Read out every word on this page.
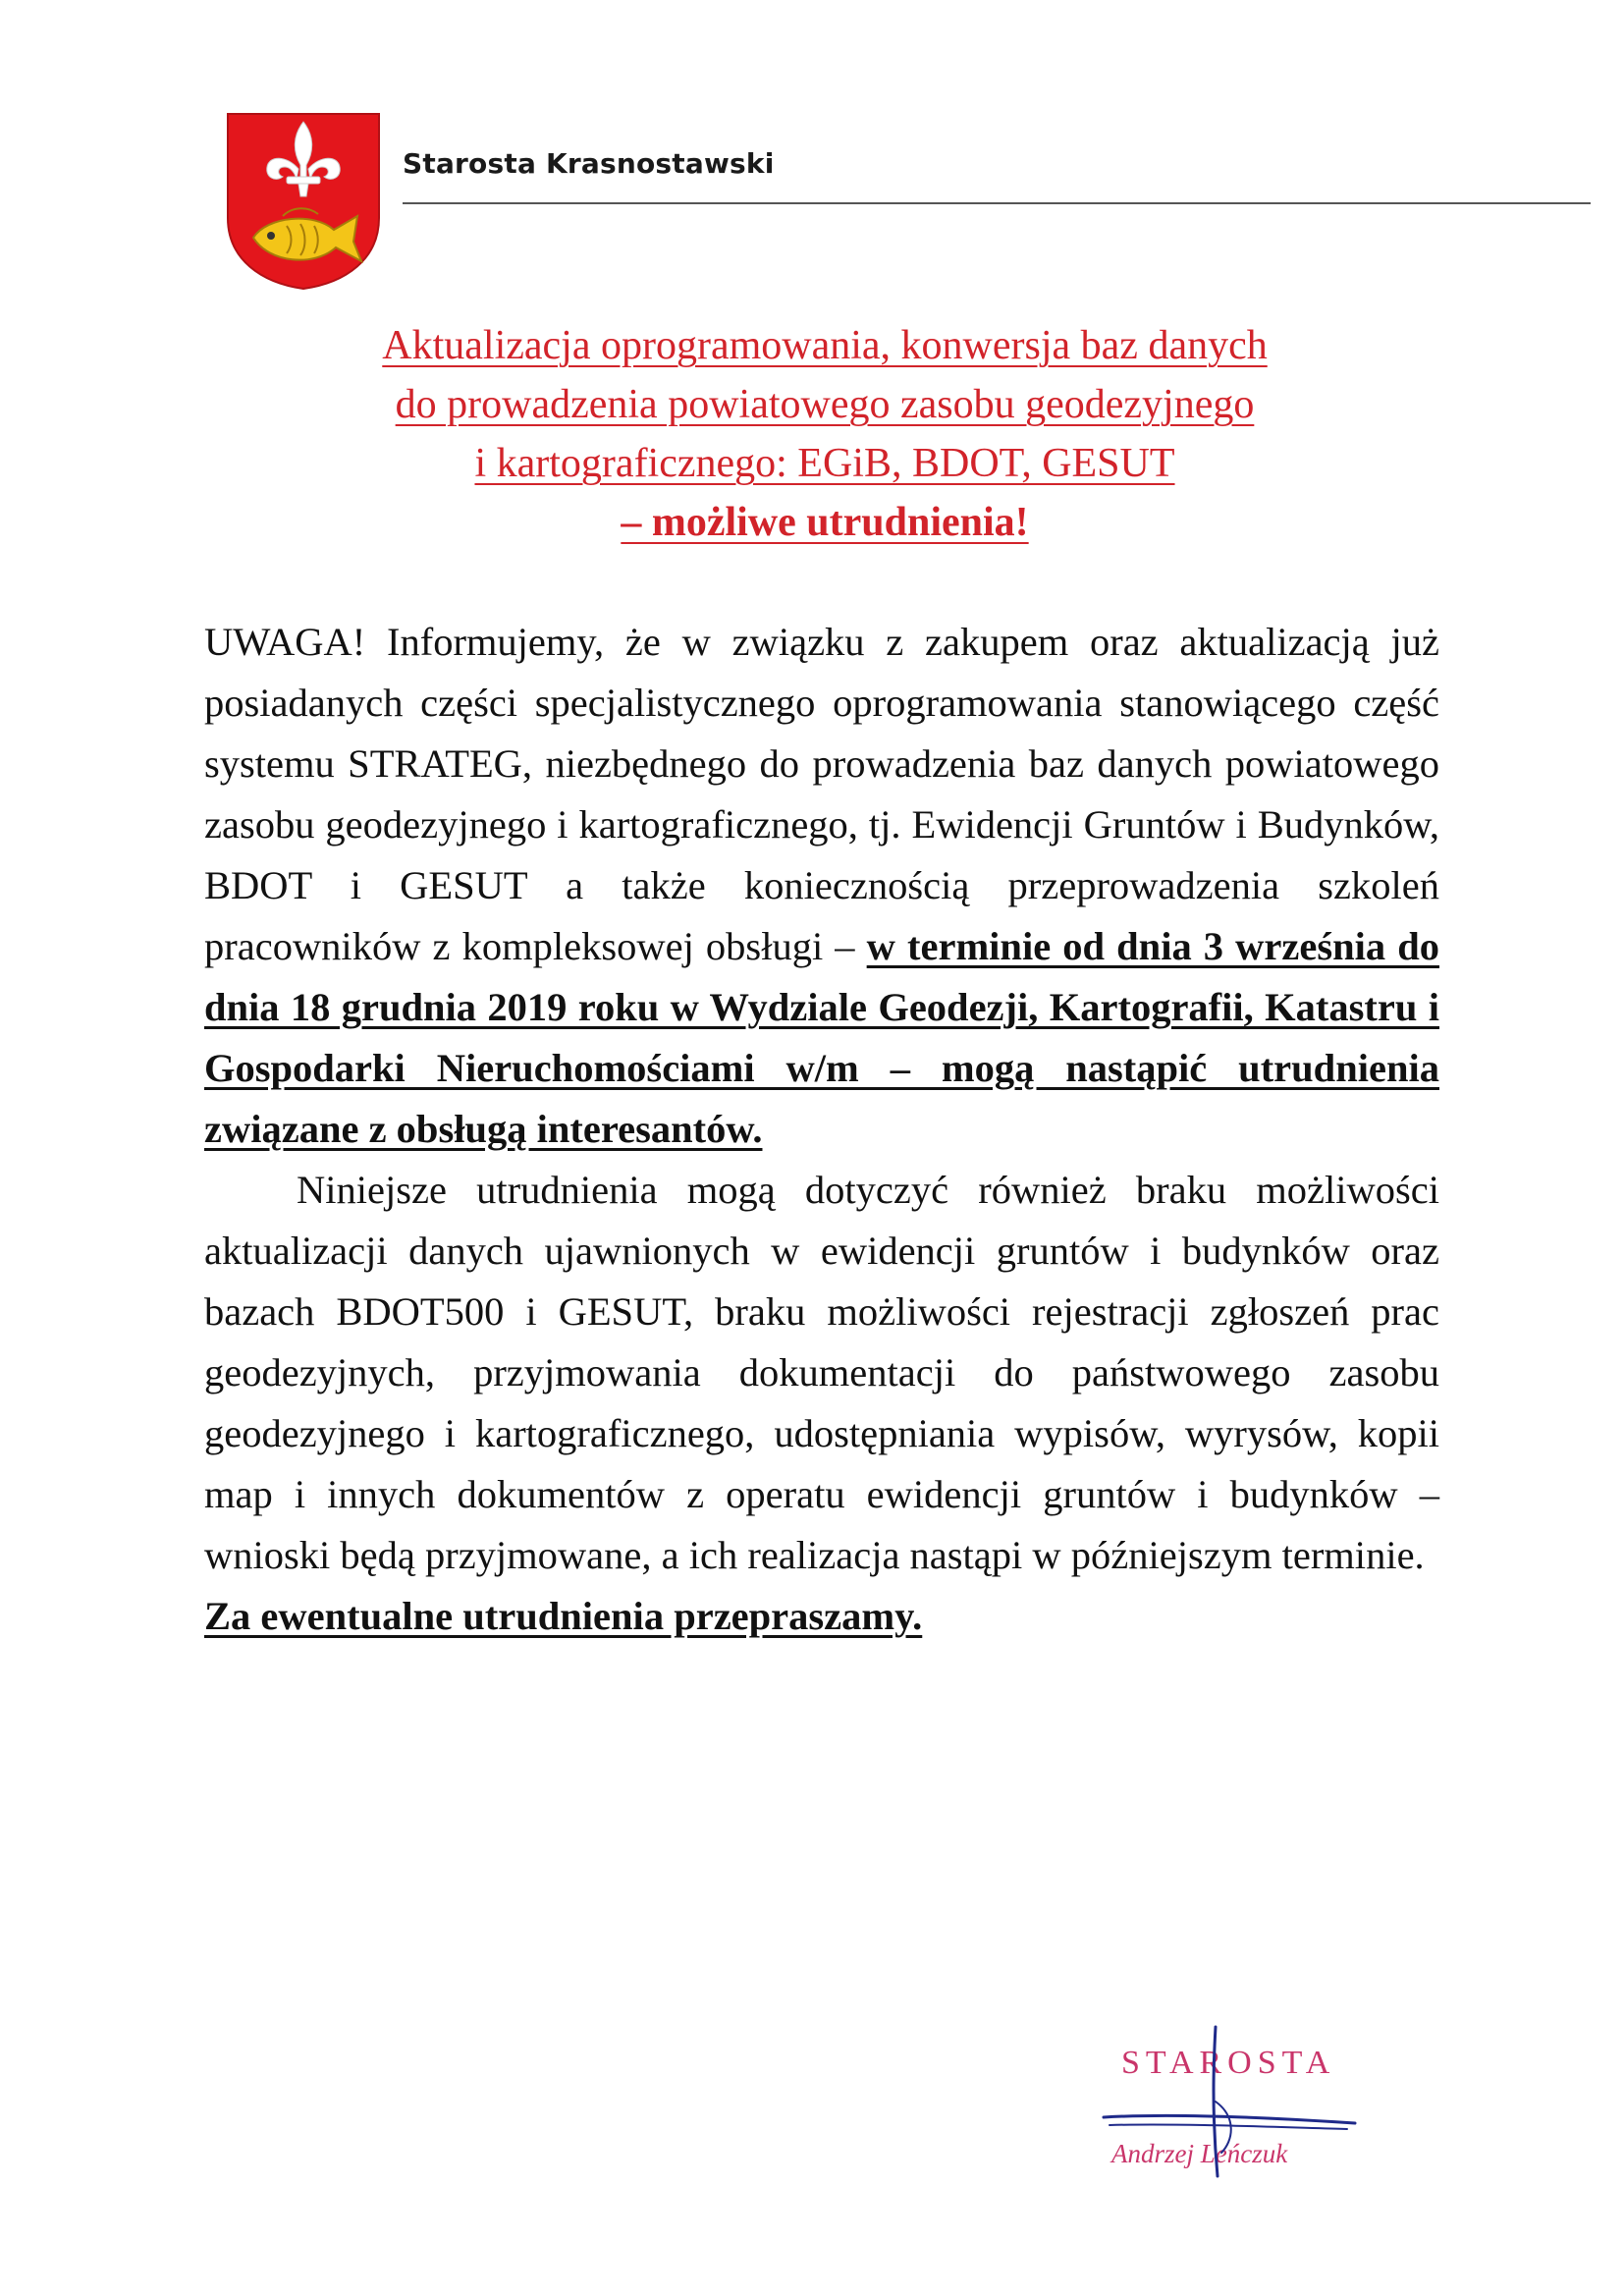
Starosta Krasnostawski
Aktualizacja oprogramowania, konwersja baz danych
do prowadzenia powiatowego zasobu geodezyjnego
i kartograficznego: EGiB, BDOT, GESUT
– możliwe utrudnienia!

UWAGA! Informujemy, że w związku z zakupem oraz aktualizacją już posiadanych części specjalistycznego oprogramowania stanowiącego część systemu STRATEG, niezbędnego do prowadzenia baz danych powiatowego zasobu geodezyjnego i kartograficznego, tj. Ewidencji Gruntów i Budynków, BDOT i GESUT a także koniecznością przeprowadzenia szkoleń pracowników z kompleksowej obsługi – w terminie od dnia 3 września do dnia 18 grudnia 2019 roku w Wydziale Geodezji, Kartografii, Katastru i Gospodarki Nieruchomościami w/m – mogą nastąpić utrudnienia związane z obsługą interesantów.

Niniejsze utrudnienia mogą dotyczyć również braku możliwości aktualizacji danych ujawnionych w ewidencji gruntów i budynków oraz bazach BDOT500 i GESUT, braku możliwości rejestracji zgłoszeń prac geodezyjnych, przyjmowania dokumentacji do państwowego zasobu geodezyjnego i kartograficznego, udostępniania wypisów, wyrysów, kopii map i innych dokumentów z operatu ewidencji gruntów i budynków – wnioski będą przyjmowane, a ich realizacja nastąpi w późniejszym terminie.

Za ewentualne utrudnienia przepraszamy.

STAROSTA
Andrzej Leńczuk
